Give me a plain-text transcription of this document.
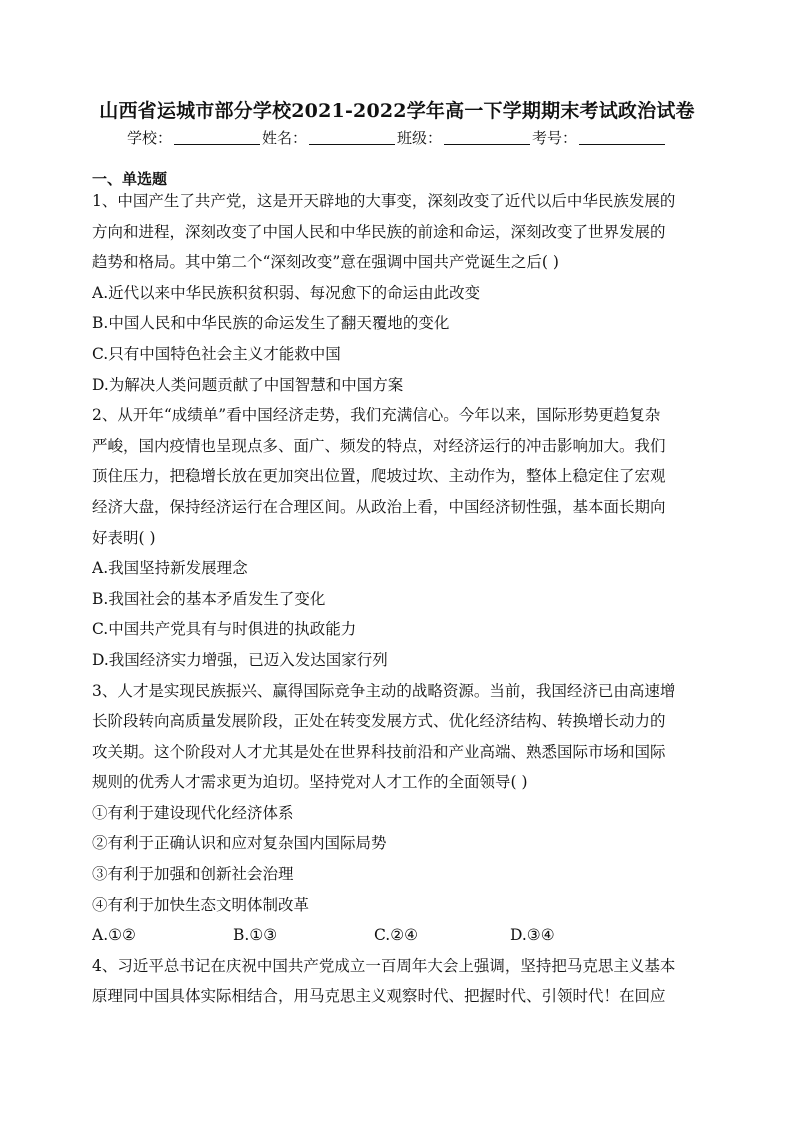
山西省运城市部分学校2021-2022学年高一下学期期末考试政治试卷
学校：	姓名：	班级：	考号：
一、单选题
1、中国产生了共产党，这是开天辟地的大事变，深刻改变了近代以后中华民族发展的
方向和进程，深刻改变了中国人民和中华民族的前途和命运，深刻改变了世界发展的
趋势和格局。其中第二个“深刻改变”意在强调中国共产党诞生之后( )
A.近代以来中华民族积贫积弱、每况愈下的命运由此改变
B.中国人民和中华民族的命运发生了翻天覆地的变化
C.只有中国特色社会主义才能救中国
D.为解决人类问题贡献了中国智慧和中国方案
2、从开年“成绩单”看中国经济走势，我们充满信心。今年以来，国际形势更趋复杂
严峻，国内疫情也呈现点多、面广、频发的特点，对经济运行的冲击影响加大。我们
顶住压力，把稳增长放在更加突出位置，爬坡过坎、主动作为，整体上稳定住了宏观
经济大盘，保持经济运行在合理区间。从政治上看，中国经济韧性强，基本面长期向
好表明( )
A.我国坚持新发展理念
B.我国社会的基本矛盾发生了变化
C.中国共产党具有与时俱进的执政能力
D.我国经济实力增强，已迈入发达国家行列
3、人才是实现民族振兴、赢得国际竞争主动的战略资源。当前，我国经济已由高速增
长阶段转向高质量发展阶段，正处在转变发展方式、优化经济结构、转换增长动力的
攻关期。这个阶段对人才尤其是处在世界科技前沿和产业高端、熟悉国际市场和国际
规则的优秀人才需求更为迫切。坚持党对人才工作的全面领导( )
①有利于建设现代化经济体系
②有利于正确认识和应对复杂国内国际局势
③有利于加强和创新社会治理
④有利于加快生态文明体制改革
A.①②	B.①③	C.②④	D.③④
4、习近平总书记在庆祝中国共产党成立一百周年大会上强调，坚持把马克思主义基本
原理同中国具体实际相结合，用马克思主义观察时代、把握时代、引领时代！在回应
